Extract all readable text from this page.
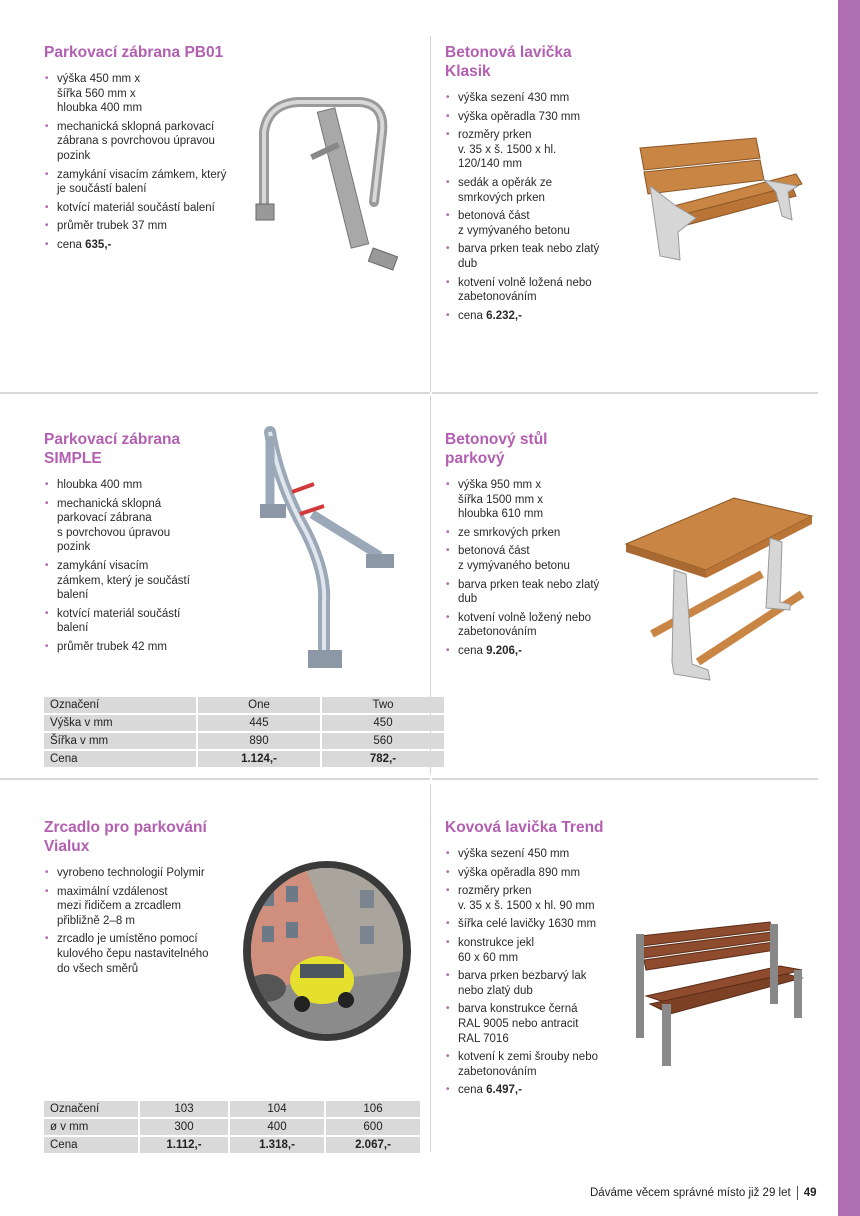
Parkovací zábrana PB01
• výška 450 mm x
šířka 560 mm x
hloubka 400 mm
• mechanická sklopná parkovací zábrana s povrchovou úpravou pozink
• zamykání visacím zámkem, který je součástí balení
• kotvící materiál součástí balení
• průměr trubek 37 mm
• cena 635,-
Betonová lavička Klasik
• výška sezení 430 mm
• výška opěradla 730 mm
• rozměry prken
v. 35 x š. 1500 x hl.
120/140 mm
• sedák a opěrák ze smrkových prken
• betonová část
z vymývaného betonu
• barva prken teak nebo zlatý dub
• kotvení volně ložená nebo zabetonováním
• cena 6.232,-
Parkovací zábrana SIMPLE
• hloubka 400 mm
• mechanická sklopná parkovací zábrana
s povrchovou úpravou pozink
• zamykání visacím zámkem, který je součástí balení
• kotvící materiál součástí balení
• průměr trubek 42 mm
Označení	One	Two
Výška v mm	445	450
Šířka v mm	890	560
Cena	1.124,-	782,-
Betonový stůl parkový
• výška 950 mm x
šířka 1500 mm x
hloubka 610 mm
• ze smrkových prken
• betonová část
z vymývaného betonu
• barva prken teak nebo zlatý dub
• kotvení volně ložený nebo zabetonováním
• cena 9.206,-
Zrcadlo pro parkování Vialux
• vyrobeno technologií Polymir
• maximální vzdálenost
mezi řidičem a zrcadlem
přibližně 2–8 m
• zrcadlo je umístěno pomocí kulového čepu nastavitelného do všech směrů
Označení	103	104	106
ø v mm	300	400	600
Cena	1.112,-	1.318,-	2.067,-
Kovová lavička Trend
• výška sezení 450 mm
• výška opěradla 890 mm
• rozměry prken
v. 35 x š. 1500 x hl. 90 mm
• šířka celé lavičky 1630 mm
• konstrukce jekl
60 x 60 mm
• barva prken bezbarvý lak nebo zlatý dub
• barva konstrukce černá
RAL 9005 nebo antracit
RAL 7016
• kotvení k zemi šrouby nebo zabetonováním
• cena 6.497,-
Dáváme věcem správné místo již 29 let 49
